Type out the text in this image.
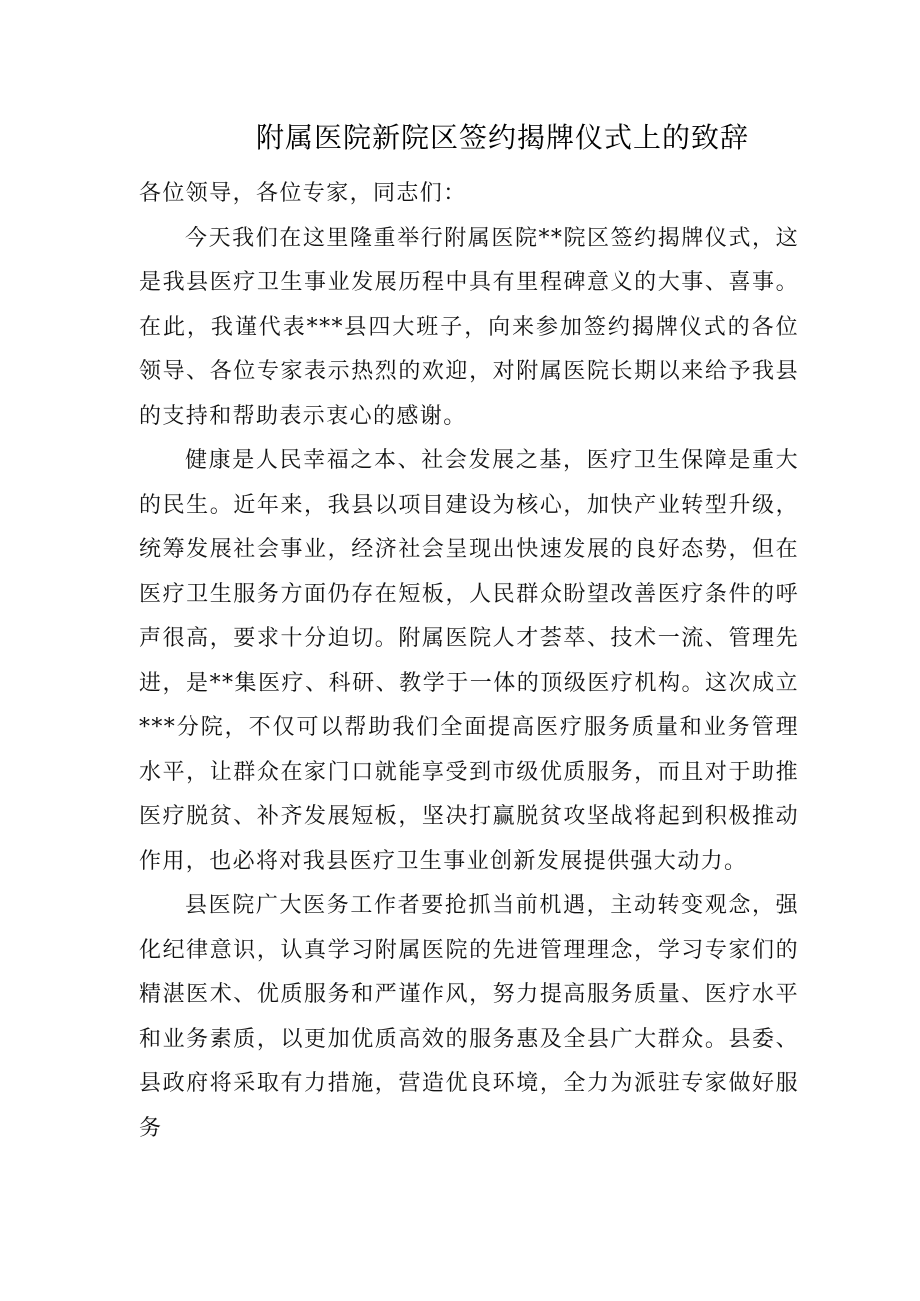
附属医院新院区签约揭牌仪式上的致辞

各位领导，各位专家，同志们：

今天我们在这里隆重举行附属医院**院区签约揭牌仪式，这是我县医疗卫生事业发展历程中具有里程碑意义的大事、喜事。在此，我谨代表***县四大班子，向来参加签约揭牌仪式的各位领导、各位专家表示热烈的欢迎，对附属医院长期以来给予我县的支持和帮助表示衷心的感谢。

健康是人民幸福之本、社会发展之基，医疗卫生保障是重大的民生。近年来，我县以项目建设为核心，加快产业转型升级，统筹发展社会事业，经济社会呈现出快速发展的良好态势，但在医疗卫生服务方面仍存在短板，人民群众盼望改善医疗条件的呼声很高，要求十分迫切。附属医院人才荟萃、技术一流、管理先进，是**集医疗、科研、教学于一体的顶级医疗机构。这次成立***分院，不仅可以帮助我们全面提高医疗服务质量和业务管理水平，让群众在家门口就能享受到市级优质服务，而且对于助推医疗脱贫、补齐发展短板，坚决打赢脱贫攻坚战将起到积极推动作用，也必将对我县医疗卫生事业创新发展提供强大动力。

县医院广大医务工作者要抢抓当前机遇，主动转变观念，强化纪律意识，认真学习附属医院的先进管理理念，学习专家们的精湛医术、优质服务和严谨作风，努力提高服务质量、医疗水平和业务素质，以更加优质高效的服务惠及全县广大群众。县委、县政府将采取有力措施，营造优良环境，全力为派驻专家做好服务
